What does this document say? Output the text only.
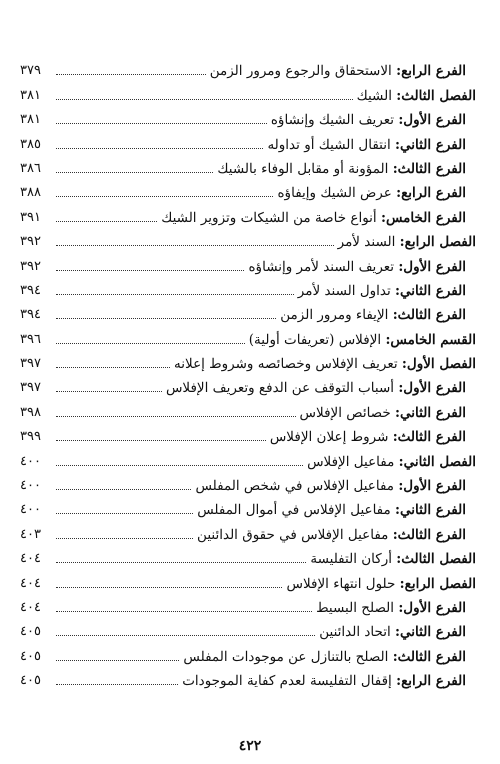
الفرع الرابع: الاستحقاق والرجوع ومرور الزمن
٣٧٩
الفصل الثالث: الشيك
٣٨١
الفرع الأول: تعريف الشيك وإنشاؤه
٣٨١
الفرع الثاني: انتقال الشيك أو تداوله
٣٨٥
الفرع الثالث: المؤونة أو مقابل الوفاء بالشيك
٣٨٦
الفرع الرابع: عرض الشيك وإيفاؤه
٣٨٨
الفرع الخامس: أنواع خاصة من الشيكات وتزوير الشيك
٣٩١
الفصل الرابع: السند لأمر
٣٩٢
الفرع الأول: تعريف السند لأمر وإنشاؤه
٣٩٢
الفرع الثاني: تداول السند لأمر
٣٩٤
الفرع الثالث: الإيفاء ومرور الزمن
٣٩٤
القسم الخامس: الإفلاس (تعريفات أولية)
٣٩٦
الفصل الأول: تعريف الإفلاس وخصائصه وشروط إعلانه
٣٩٧
الفرع الأول: أسباب التوقف عن الدفع وتعريف الإفلاس
٣٩٧
الفرع الثاني: خصائص الإفلاس
٣٩٨
الفرع الثالث: شروط إعلان الإفلاس
٣٩٩
الفصل الثاني: مفاعيل الإفلاس
٤٠٠
الفرع الأول: مفاعيل الإفلاس في شخص المفلس
٤٠٠
الفرع الثاني: مفاعيل الإفلاس في أموال المفلس
٤٠٠
الفرع الثالث: مفاعيل الإفلاس في حقوق الدائنين
٤٠٣
الفصل الثالث: أركان التفليسة
٤٠٤
الفصل الرابع: حلول انتهاء الإفلاس
٤٠٤
الفرع الأول: الصلح البسيط
٤٠٤
الفرع الثاني: اتحاد الدائنين
٤٠٥
الفرع الثالث: الصلح بالتنازل عن موجودات المفلس
٤٠٥
الفرع الرابع: إقفال التفليسة لعدم كفاية الموجودات
٤٠٥
٤٢٢
